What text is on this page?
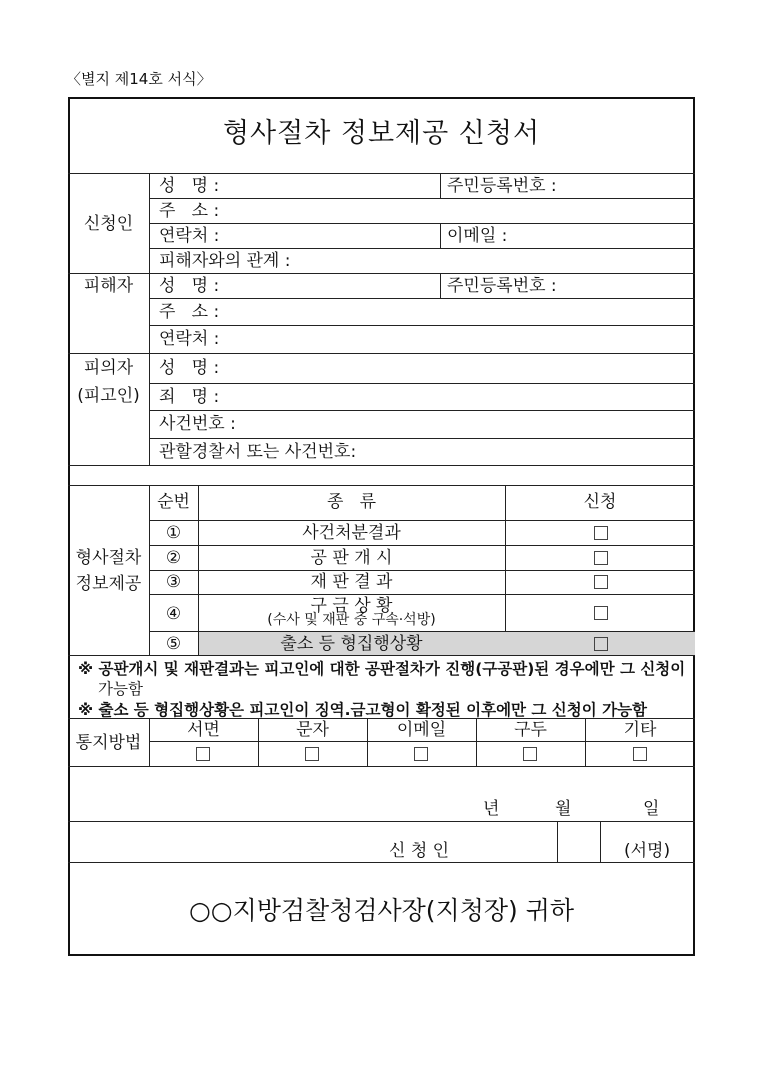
〈별지 제14호 서식〉
형사절차 정보제공 신청서
신청인
성   명 :	주민등록번호 :
주   소 :
연락처 :	이메일 :
피해자와의 관계 :
피해자	성   명 :	주민등록번호 :
주   소 :
연락처 :
피의자
(피고인)
성   명 :
죄   명 :
사건번호 :
관할경찰서 또는 사건번호:
형사절차
정보제공
순번	종   류	신청
①	사건처분결과
②	공 판 개 시
③	재 판 결 과
④	구 금 상 황
(수사 및 재판 중 구속·석방)
⑤	출소 등 형집행상황
※ 공판개시 및 재판결과는 피고인에 대한 공판절차가 진행(구공판)된 경우에만 그 신청이
가능함
※ 출소 등 형집행상황은 피고인이 징역.금고형이 확정된 이후에만 그 신청이 가능함
통지방법
서면	문자	이메일	구두	기타
년	월	일
신 청 인	(서명)
○○지방검찰청검사장(지청장) 귀하
